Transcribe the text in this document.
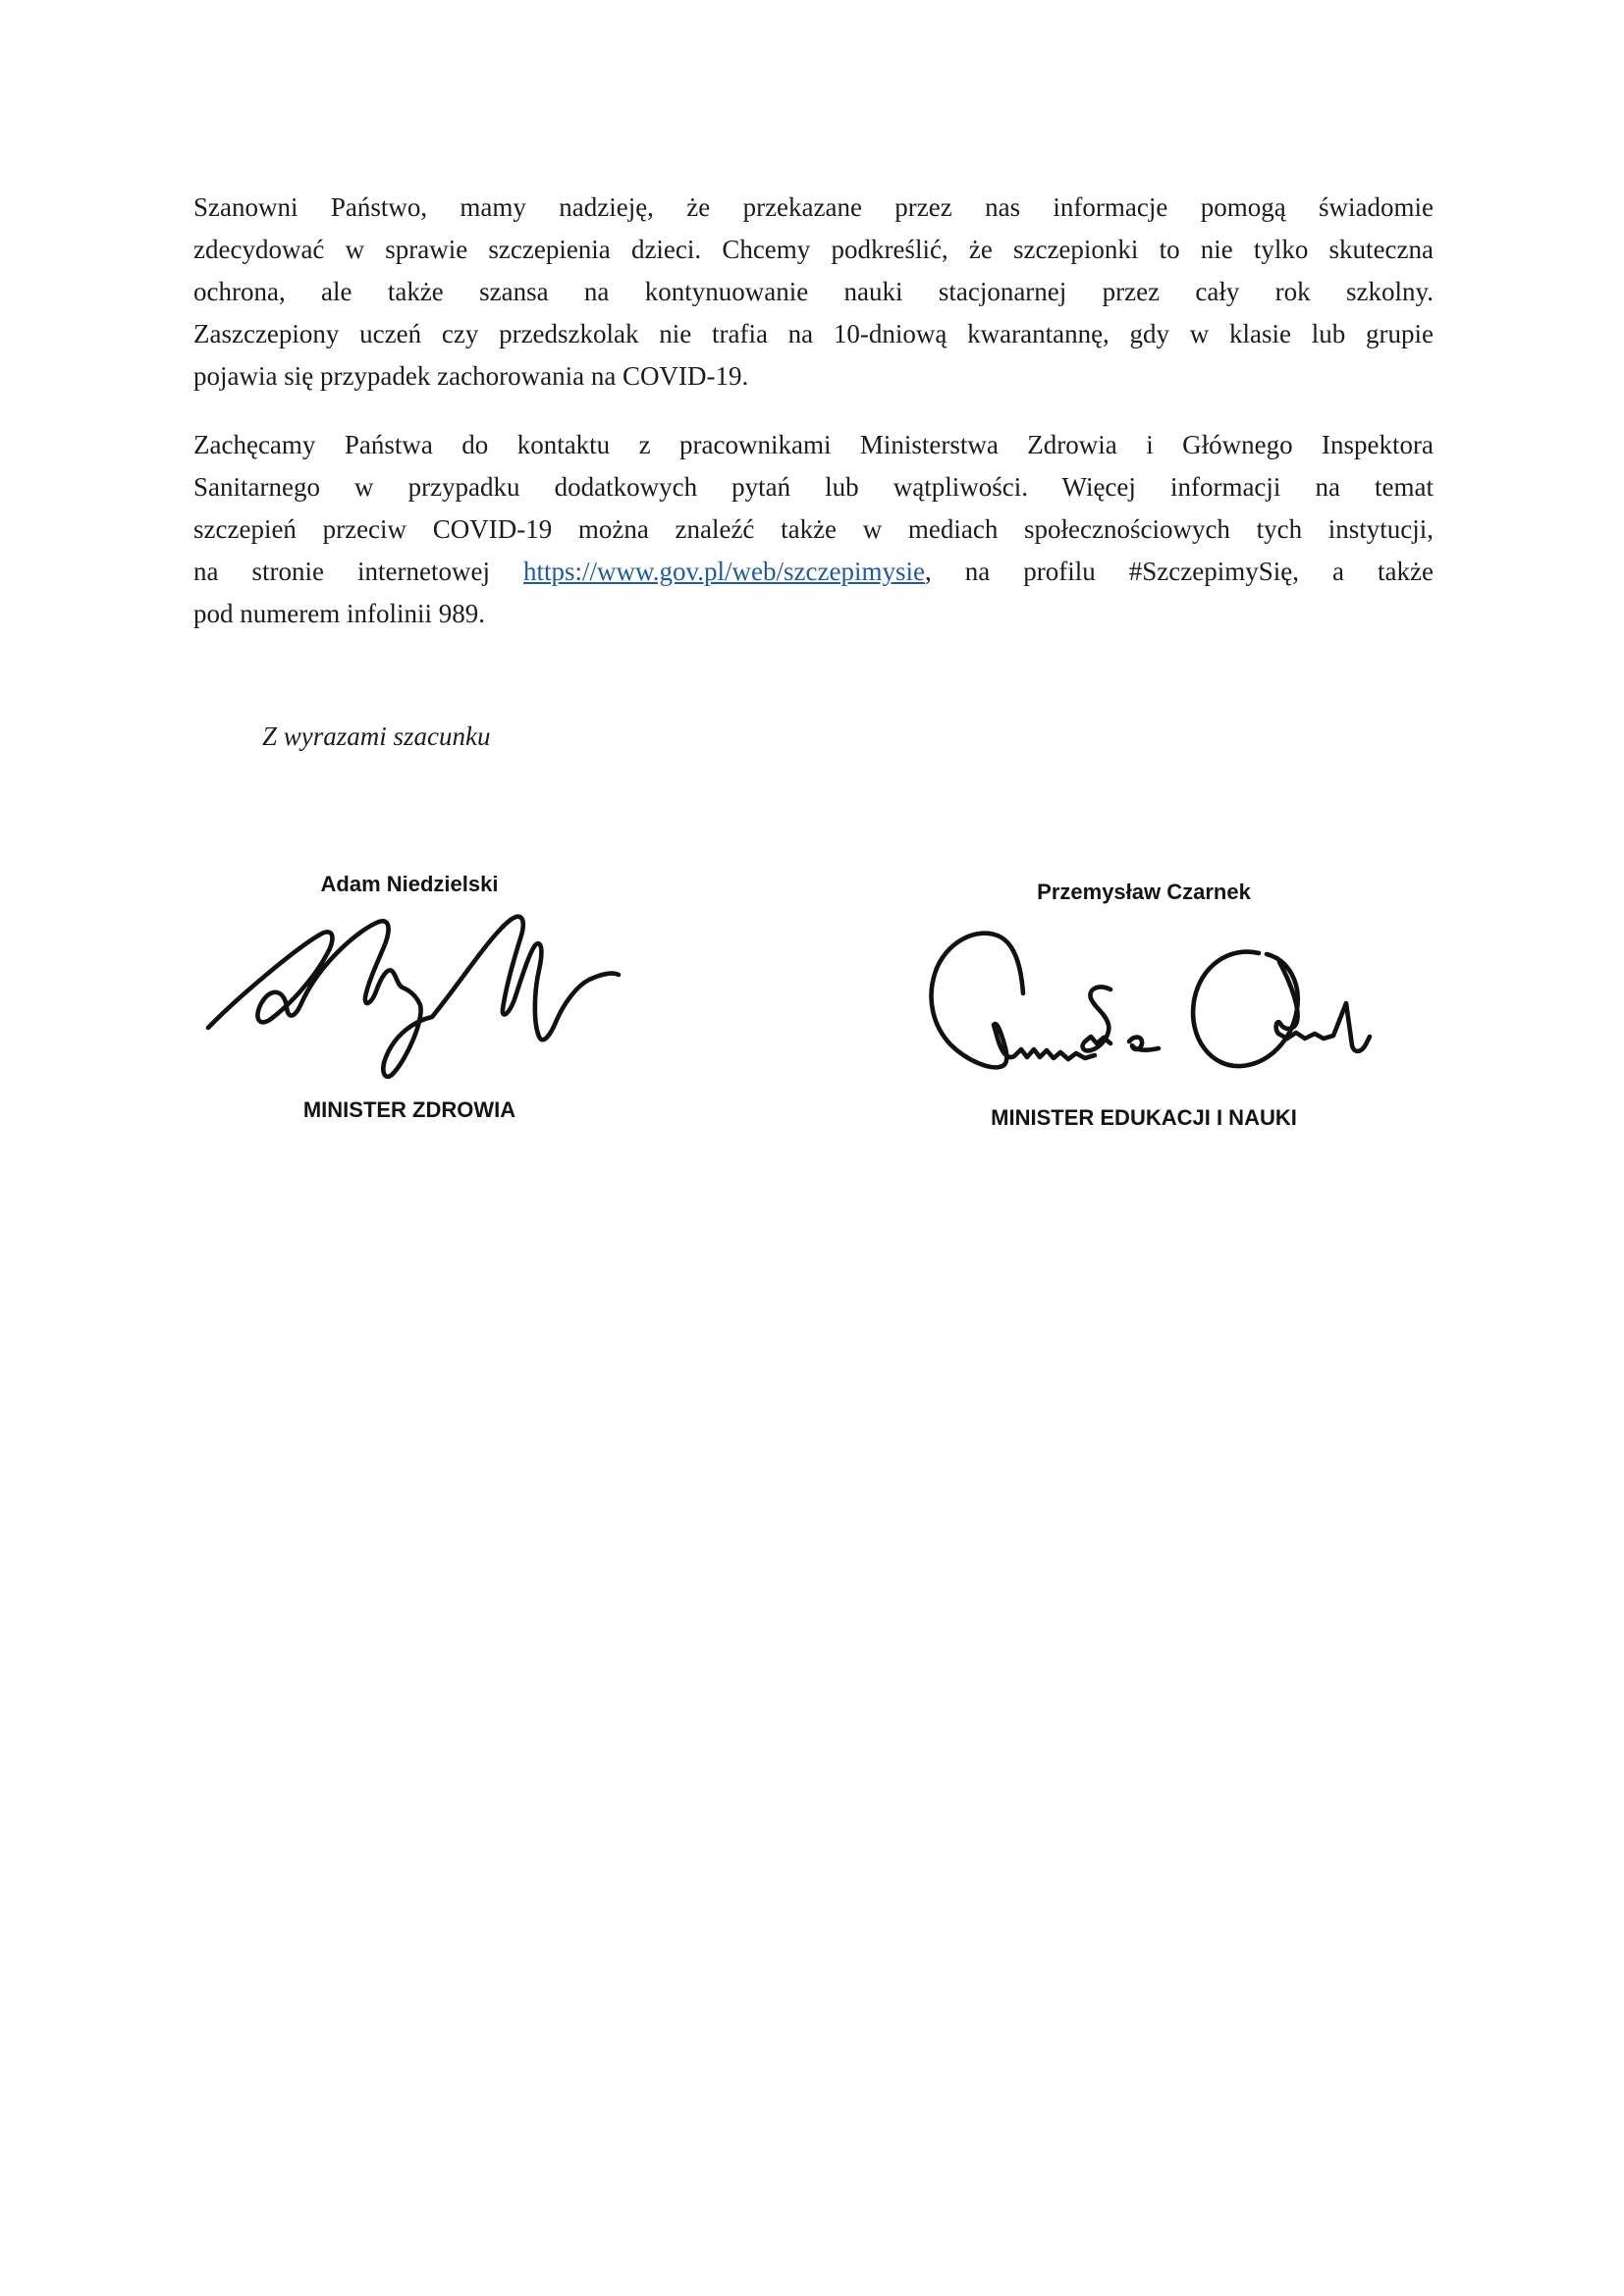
Szanowni Państwo, mamy nadzieję, że przekazane przez nas informacje pomogą świadomie
zdecydować w sprawie szczepienia dzieci. Chcemy podkreślić, że szczepionki to nie tylko skuteczna
ochrona, ale także szansa na kontynuowanie nauki stacjonarnej przez cały rok szkolny.
Zaszczepiony uczeń czy przedszkolak nie trafia na 10-dniową kwarantannę, gdy w klasie lub grupie
pojawia się przypadek zachorowania na COVID-19.
Zachęcamy Państwa do kontaktu z pracownikami Ministerstwa Zdrowia i Głównego Inspektora
Sanitarnego w przypadku dodatkowych pytań lub wątpliwości. Więcej informacji na temat
szczepień przeciw COVID-19 można znaleźć także w mediach społecznościowych tych instytucji,
na stronie internetowej https://www.gov.pl/web/szczepimysie, na profilu #SzczepimySię, a także
pod numerem infolinii 989.
Z wyrazami szacunku
Adam Niedzielski
MINISTER ZDROWIA
Przemysław Czarnek
MINISTER EDUKACJI I NAUKI
